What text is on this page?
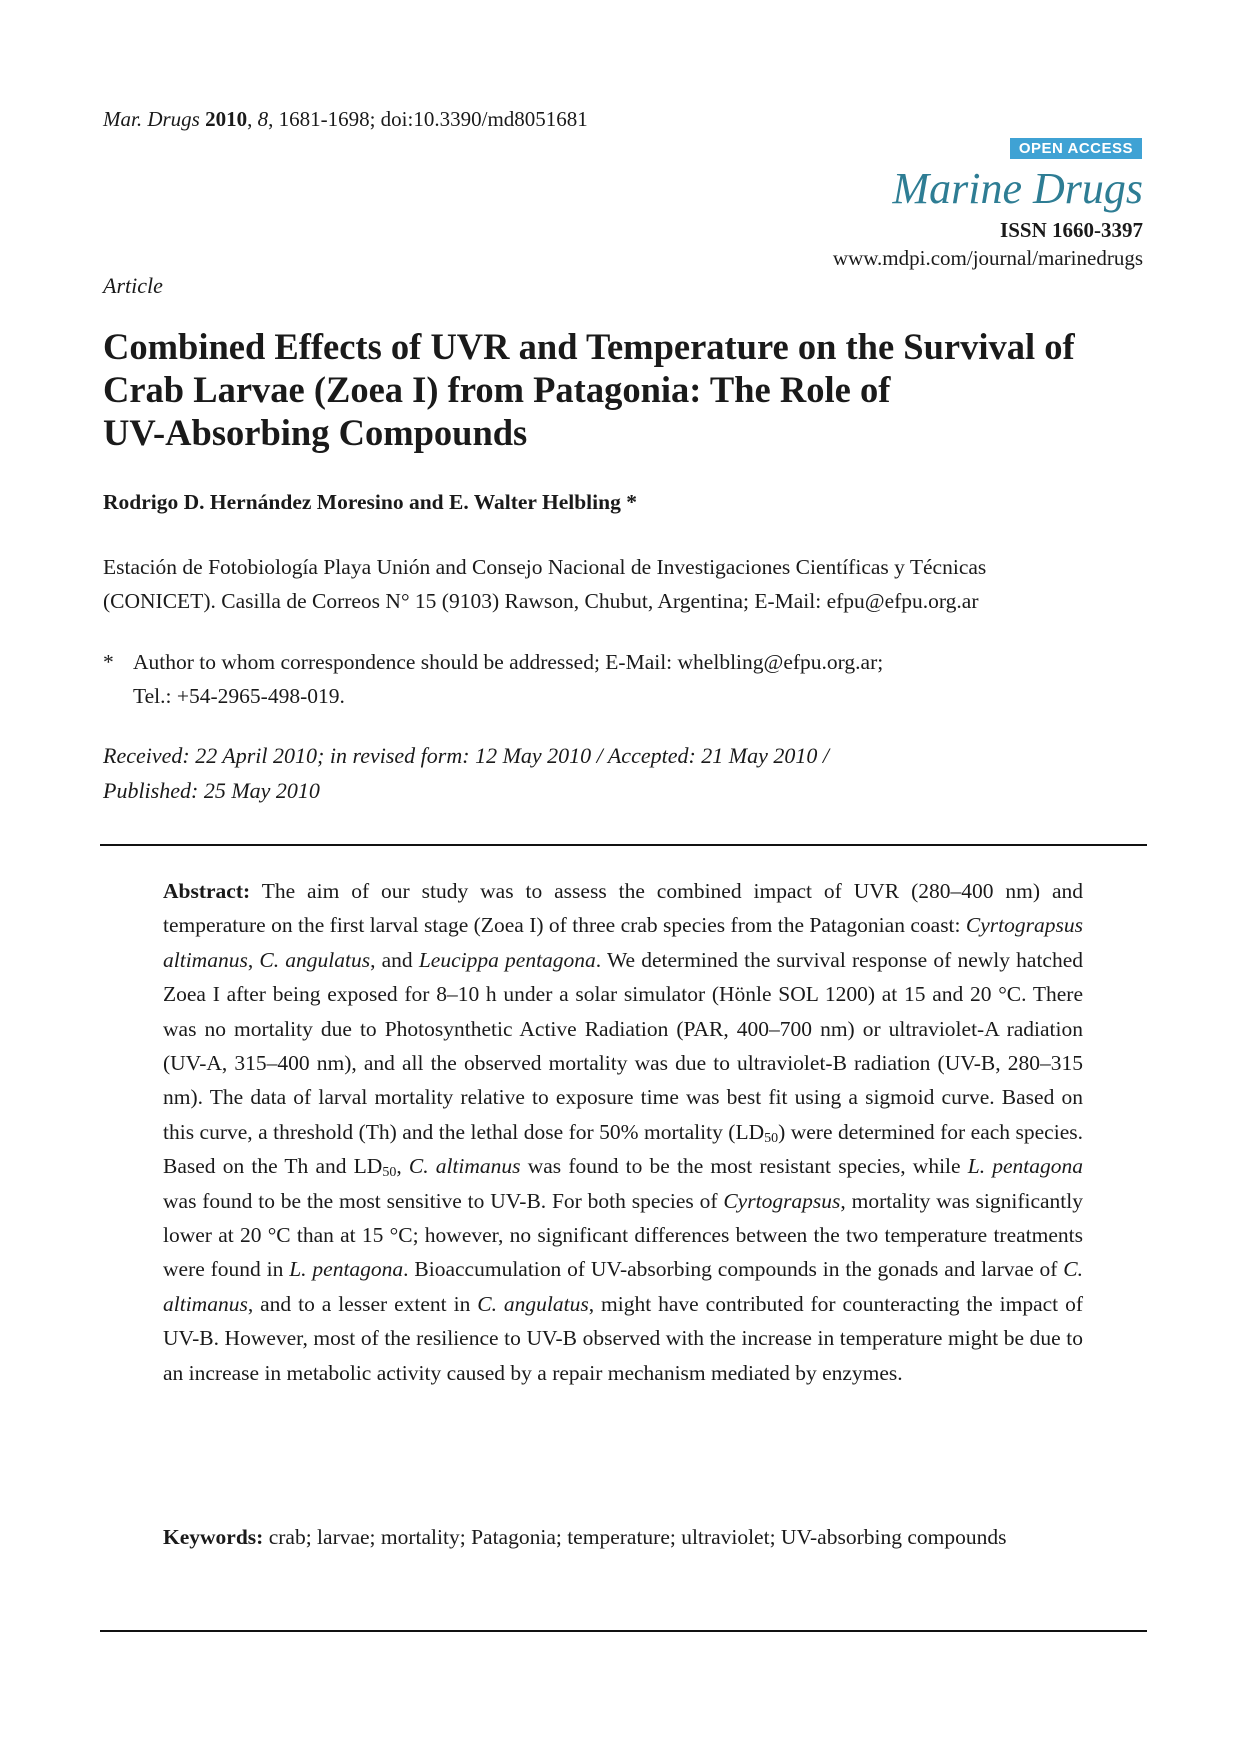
Mar. Drugs 2010, 8, 1681-1698; doi:10.3390/md8051681
OPEN ACCESS
Marine Drugs
ISSN 1660-3397
www.mdpi.com/journal/marinedrugs
Article
Combined Effects of UVR and Temperature on the Survival of
Crab Larvae (Zoea I) from Patagonia: The Role of
UV-Absorbing Compounds
Rodrigo D. Hernández Moresino and E. Walter Helbling *
Estación de Fotobiología Playa Unión and Consejo Nacional de Investigaciones Científicas y Técnicas
(CONICET). Casilla de Correos N° 15 (9103) Rawson, Chubut, Argentina; E-Mail: efpu@efpu.org.ar
* Author to whom correspondence should be addressed; E-Mail: whelbling@efpu.org.ar;
Tel.: +54-2965-498-019.
Received: 22 April 2010; in revised form: 12 May 2010 / Accepted: 21 May 2010 /
Published: 25 May 2010
Abstract: The aim of our study was to assess the combined impact of UVR (280–400 nm) and temperature on the first larval stage (Zoea I) of three crab species from the Patagonian coast: Cyrtograpsus altimanus, C. angulatus, and Leucippa pentagona. We determined the survival response of newly hatched Zoea I after being exposed for 8–10 h under a solar simulator (Hönle SOL 1200) at 15 and 20 °C. There was no mortality due to Photosynthetic Active Radiation (PAR, 400–700 nm) or ultraviolet-A radiation (UV-A, 315–400 nm), and all the observed mortality was due to ultraviolet-B radiation (UV-B, 280–315 nm). The data of larval mortality relative to exposure time was best fit using a sigmoid curve. Based on this curve, a threshold (Th) and the lethal dose for 50% mortality $(LD_{50})$ were determined for each species. Based on the Th and $LD_{50}$, C. altimanus was found to be the most resistant species, while L. pentagona was found to be the most sensitive to UV-B. For both species of Cyrtograpsus, mortality was significantly lower at 20 °C than at 15 °C; however, no significant differences between the two temperature treatments were found in L. pentagona. Bioaccumulation of UV-absorbing compounds in the gonads and larvae of C. altimanus, and to a lesser extent in C. angulatus, might have contributed for counteracting the impact of UV-B. However, most of the resilience to UV-B observed with the increase in temperature might be due to an increase in metabolic activity caused by a repair mechanism mediated by enzymes.
Keywords: crab; larvae; mortality; Patagonia; temperature; ultraviolet; UV-absorbing compounds
